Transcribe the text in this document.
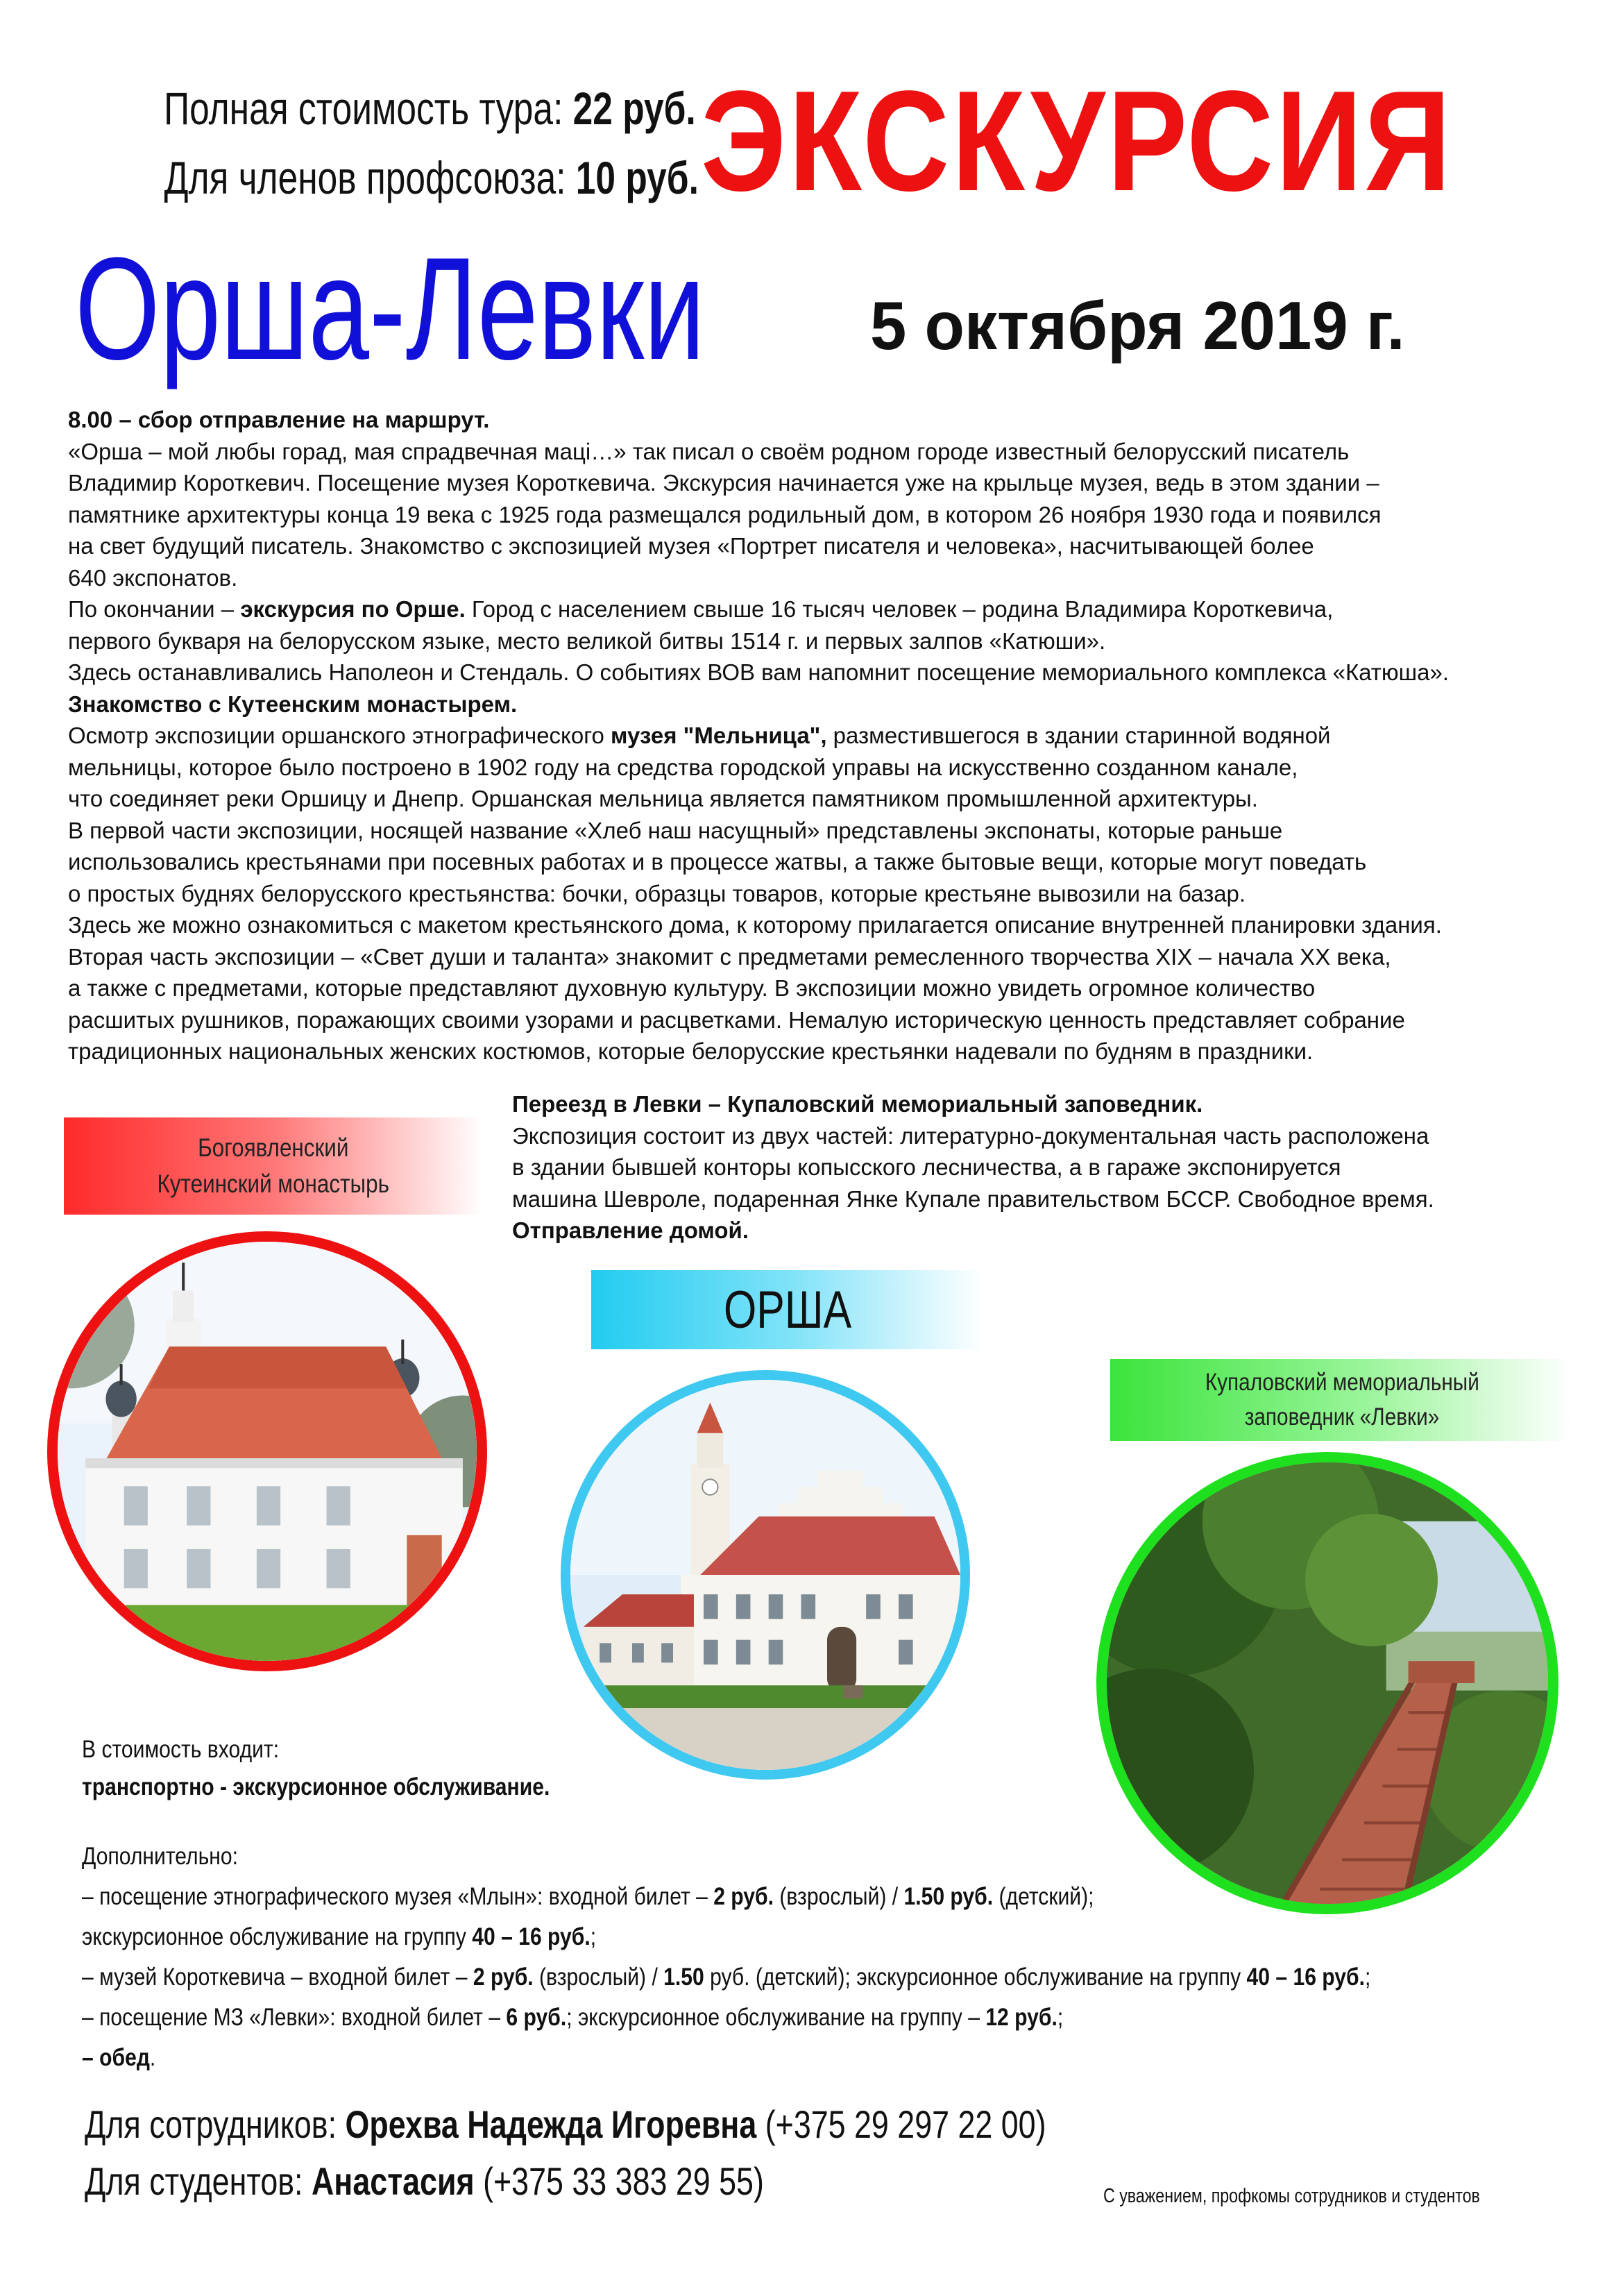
Полная стоимость тура: 22 руб.
Для членов профсоюза: 10 руб. ЭКСКУРСИЯ
Орша-Левки 5 октября 2019 г.

8.00 – сбор отправление на маршрут.

«Орша – мой любы горад, мая спрадвечная маці…» так писал о своём родном городе известный белорусский писатель

Владимир Короткевич. Посещение музея Короткевича. Экскурсия начинается уже на крыльце музея, ведь в этом здании –

памятнике архитектуры конца 19 века с 1925 года размещался родильный дом, в котором 26 ноября 1930 года и появился

на свет будущий писатель. Знакомство с экспозицией музея «Портрет писателя и человека», насчитывающей более

640 экспонатов.

По окончании – экскурсия по Орше. Город с населением свыше 16 тысяч человек – родина Владимира Короткевича,

первого букваря на белорусском языке, место великой битвы 1514 г. и первых залпов «Катюши».

Здесь останавливались Наполеон и Стендаль. О событиях ВОВ вам напомнит посещение мемориального комплекса «Катюша».

Знакомство с Кутеенским монастырем.

Осмотр экспозиции оршанского этнографического музея "Мельница", разместившегося в здании старинной водяной

мельницы, которое было построено в 1902 году на средства городской управы на искусственно созданном канале,

что соединяет реки Оршицу и Днепр. Оршанская мельница является памятником промышленной архитектуры.

В первой части экспозиции, носящей название «Хлеб наш насущный» представлены экспонаты, которые раньше

использовались крестьянами при посевных работах и в процессе жатвы, а также бытовые вещи, которые могут поведать

о простых буднях белорусского крестьянства: бочки, образцы товаров, которые крестьяне вывозили на базар.

Здесь же можно ознакомиться с макетом крестьянского дома, к которому прилагается описание внутренней планировки здания.

Вторая часть экспозиции – «Свет души и таланта» знакомит с предметами ремесленного творчества XIX – начала XX века,

а также с предметами, которые представляют духовную культуру. В экспозиции можно увидеть огромное количество

расшитых рушников, поражающих своими узорами и расцветками. Немалую историческую ценность представляет собрание

традиционных национальных женских костюмов, которые белорусские крестьянки надевали по будням в праздники.

Переезд в Левки – Купаловский мемориальный заповедник.

Экспозиция состоит из двух частей: литературно-документальная часть расположена

в здании бывшей конторы копысского лесничества, а в гараже экспонируется

машина Шевроле, подаренная Янке Купале правительством БССР. Свободное время.

Отправление домой.

Богоявленский
Кутеинский монастырь
ОРША
Купаловский мемориальный
заповедник «Левки»
В стоимость входит:
транспортно - экскурсионное обслуживание.
Дополнительно:
– посещение этнографического музея «Млын»: входной билет – 2 руб. (взрослый) / 1.50 руб. (детский);
экскурсионное обслуживание на группу 40 – 16 руб.;
– музей Короткевича – входной билет – 2 руб. (взрослый) / 1.50 руб. (детский); экскурсионное обслуживание на группу 40 – 16 руб.;
– посещение МЗ «Левки»: входной билет – 6 руб.; экскурсионное обслуживание на группу – 12 руб.;
– обед.
Для сотрудников: Орехва Надежда Игоревна (+375 29 297 22 00)
Для студентов: Анастасия (+375 33 383 29 55)	С уважением, профкомы сотрудников и студентов
